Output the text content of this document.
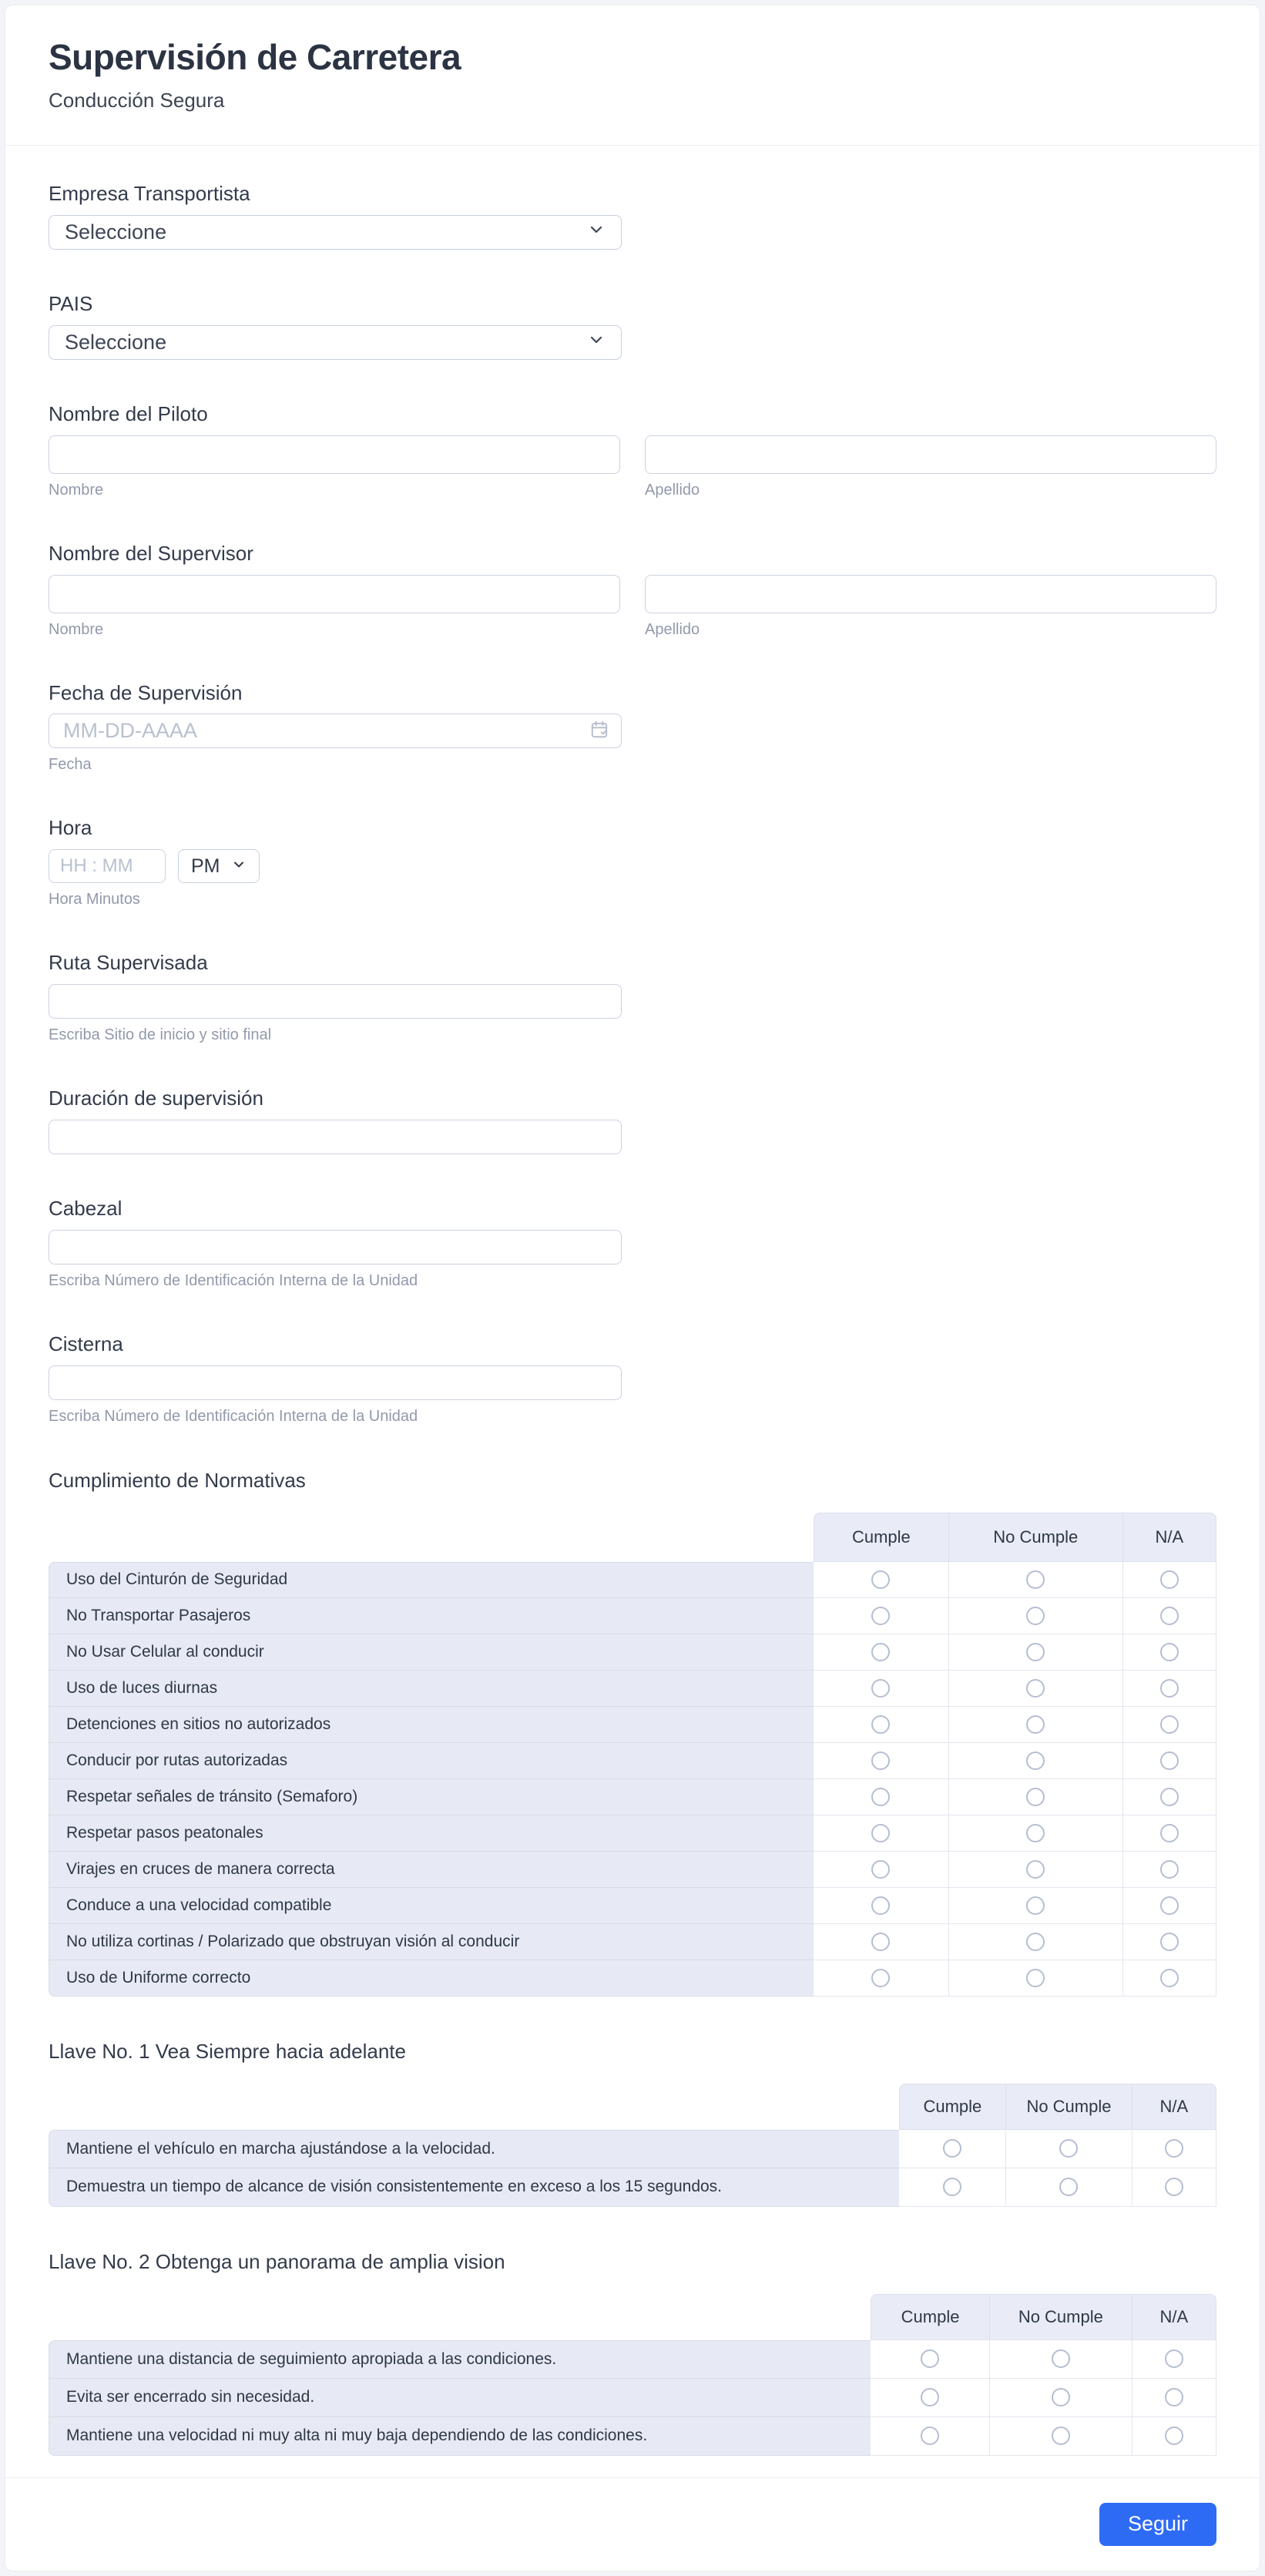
Supervisión de Carretera
Conducción Segura
Empresa Transportista
Seleccione
PAIS
Seleccione
Nombre del Piloto
Nombre	Apellido
Nombre del Supervisor
Nombre	Apellido
Fecha de Supervisión
MM-DD-AAAA
Fecha
Hora
HH : MM
PM
Hora Minutos
Ruta Supervisada
Escriba Sitio de inicio y sitio final
Duración de supervisión
Cabezal
Escriba Número de Identificación Interna de la Unidad
Cisterna
Escriba Número de Identificación Interna de la Unidad
Cumplimiento de Normativas
Cumple	No Cumple	N/A
Uso del Cinturón de Seguridad
No Transportar Pasajeros
No Usar Celular al conducir
Uso de luces diurnas
Detenciones en sitios no autorizados
Conducir por rutas autorizadas
Respetar señales de tránsito (Semaforo)
Respetar pasos peatonales
Virajes en cruces de manera correcta
Conduce a una velocidad compatible
No utiliza cortinas / Polarizado que obstruyan visión al conducir
Uso de Uniforme correcto
Llave No. 1 Vea Siempre hacia adelante
Cumple	No Cumple	N/A
Mantiene el vehículo en marcha ajustándose a la velocidad.
Demuestra un tiempo de alcance de visión consistentemente en exceso a los 15 segundos.
Llave No. 2 Obtenga un panorama de amplia vision
Cumple	No Cumple	N/A
Mantiene una distancia de seguimiento apropiada a las condiciones.
Evita ser encerrado sin necesidad.
Mantiene una velocidad ni muy alta ni muy baja dependiendo de las condiciones.
Seguir
